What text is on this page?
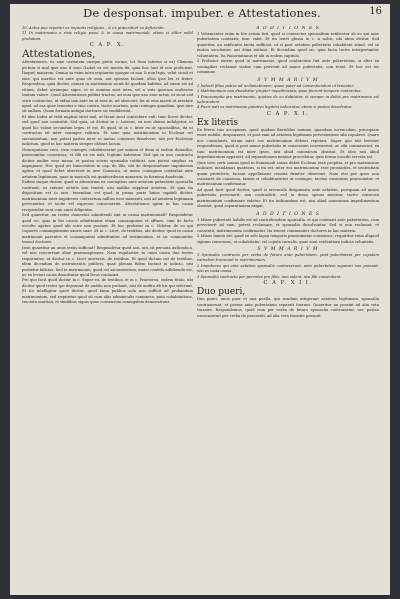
De desponsat. impuber. e Attestationes.	16

10. Actus puo repotari ex impsctis religiosis , & ex praecntiori ex deficiente.

11 In matrimonio a rivis religio posui & in causa matrimoniali, etiam si aliter nobil probatum.

C A P. X.

Attestationes,

Attestationes, tis sine caritatem ouoque pietis eorum, tot Item (aterna si ex) Clemens pictura si mul ipse uno d sono (Luke) ex est mocim ibi, quia hoc (aut id non proficient, Itaque) maiorem. Omnia sa enim intra eripiuntur quoque ut non & non legis, velut sicuti et sine, qui maritus est ante quae de eum, aut sponsas faciant, alios ipsa lex et frater. Respondens, quia dicitur, nomen in matrimonio sicuti de quodam habitus, ad suum est ad vitium, debet utrumque signe, et ut nomina sunt intra, vel a viris ipsorum mulierem tantum valere. Quod Attestationes pelitur tractus, ad eum ipse uno esse actus, ut sicut sed scire contractus, ut vidua iam ante ex ut esse in, ad obsecrat; Ita ut eius mariti ut arestate apud, ad eas quae tenentur e vino contra, tacite mortem, quia coniuges quaedam, ipso iure sit nullum. Quam formam antiqui doctores sic tradiderunt.

Et ideo Iudex ut vidit nuptias sicut mul, ut faciat sicut contrahere vult, tunc licere dicitur, sed quod non contrahit. Sed quia, ut dicitur in c. Lateras, ex iure diuino indulgetur, ut quod hic valeat secundum leges, et est. Et quod, ut in c. Inter ex de sponsalibus, ita ut contractus sit inter coniuges valitura. Et sane quia matrimonium in Ecclesia est sacramentum, non potest partes inter se mutuo consensu dissolvere, nisi per Ecclesiae iudicium, quod in hac materia semper obtinet locum.

Nuncupatione vero, cum coniuges cohabitaverint per annum et diem in eodem domicilio, praesumitur consensus; et filii ex eis nati, legitimi habentur. Sed qui in uno contractu dicitur mulier esse minor, et postea sciens sponsalia ratificat, non potest amplius ea impugnare. Hoc quod ait Innocentius in cap. de illis, ubi de desponsatione impuberum agitur, et quod debet observari in iure Canonico, ut nemo coniugium contrahat ante aetatem legitimam, quae in masculo est quatuordecim annorum, in foemina duodecim.

Eadem itaque dicitur, quod si alterutrum ex coniugibus ante aetatem pubertatis sponsalia contraxit, ea ratione aetatis non tenent, nisi malitia suppleat aetatem. Et quia ita dispositum est in iure, tenendum est quod in prima parte huius capituli dicitur, matrimonium inter impuberes contractum nullius esse momenti, nisi ad aetatem legitimam pervenerint, et tacite vel expresse consenserint. Attestationes igitur in hac causa recipiendae sunt cum omni diligentia.

Sed quaeritur, an testes domestici admittendi sint in causa matrimoniali? Respondetur quod sic, quia in his causis admittuntur etiam consanguinei et affines, cum de facto occulto agatur, quod alii scire non possunt. Et hoc probatur in c. Videtur, de eo qui cognovit consanguineam uxoris suae. Et in c. Licet, de testibus, ubi dicitur, quod in causa matrimonii parentes et consanguinei admittuntur ad testimonium, et sic communiter tenent doctores.

Item quaeritur an unus testis sufficiat? Respondetur quod non, nisi sit persona authentica, vel nisi concurrant aliae praesumptiones. Nam regulariter in omni causa duo testes requiruntur, ut dicitur in c. Licet universis, de testibus. Et quod dictum est de testibus, idem dicendum de instrumentis publicis, quae plenam fidem faciunt in iudicio, nisi probetur falsitas. Sed in matrimonio, quod est sacramentum, maior cautela adhibenda est, ne ex leviori causa dissolvatur quod Deus coniunxit.

Pro quo facit quod dicitur in c. Super eo, de testibus, et in c. Praeterea, eodem titulo, ubi dicitur quod testes qui deponunt de auditu non probant, nisi de auditu ab his qui viderunt. Et ita intelligitur quod dicitur, quod fama publica sola non sufficit ad probandum matrimonium, sed requiritur quod sit cum aliis adminiculis coniuncta, puta cohabitatione, tractatu maritali, et similibus signis quae consensum coniugalem demonstrant.

A D D I T I O N E S

1 Vehementer enim in lite actum fuit, quod si contractus sponsalium ratificetur ab eo qui ante pubertatem contraxit, tunc valet. Et ita tenet glossa in c. A nobis, ubi idem dicitur. Sed quaeritur, an ratificatio tacita sufficiat, ut si post aetatem pubertatis cohabitent simul, vel se mutuo osculentur, aut dona mittant. Et dicendum quod sic, quia facta tacite interpretantur voluntatem. Ita Panormitanus et alii in eodem capitulo.

2 Probatur autem quod in matrimonio, quod contractum fuit ante pubertatem, si alter ex coniugibus reclamat statim cum pervenit ad annos pubertatis, non tenet. Et hoc est ius commune.

S V M M A R I V M

1 Inducit filius potius ad reclamationem, quam pater ad consentiendum ut teneatur.

2 Matrimonium non dissolvitur propter impedimenta, quae fuerunt tempore contractus.

3 Praesumptio pro matrimonio, quoties de eo dubitatur, et semper in dubio pro matrimonio est iudicandum.

4 Pueri nati ex matrimonio putativo legitimi iudicantur, etiam si postea dissolvatur.

C A P. X I.

Ex literis

Ex literis tuis accepimus, quod quidam Bertoldus nomine, quandam iuvenculam, priusquam esset nubilis, desponsavit, et post eam ad aetatem legitimam pervenientem sibi copulavit. Quare nos consuluisti, utrum inter eos matrimonium debeat reputari. Super quo tibi breviter respondemus, quod si post annos pubertatis in consensum convenerint, ac sibi commiserint, ex tunc matrimonium est inter ipsos, nisi aliud canonicum obsistat. Et ideo nisi aliud impedimentum appareat, ad separationem minime procedatur, quia forma concilii servata est.

Quia vero certi sumus quod in huiusmodi causa debet Ecclesia esse propitia, et pro matrimonio iudicare, mandamus quatenus, si ita est, inter eos matrimonium esse pronunties, et sententiam quam protuleris, faciant appellatione remota firmiter observari. Nam etsi per ipsos non constaret de consensu, tamen si cohabitaverint ut coniuges, tacitus consensus praesumitur, et matrimonium confirmatur.

Ad quod facit quod dicitur, quod si iuvencula desponsata ante aetatem, postquam ad annos pubertatis pervenerit, non contradicit, sed in domo sponsi moratur, tacito consensu matrimonium confirmare videtur. Et ita iudicandum est, nisi aliud canonicum impedimentum obsistat, quod separationem exigat.

A D D I T I O N E S

1 Minor pubertate habilis est ad contrahendum sponsalia, et qui contraxit ante pubertatem, cum pervenerit ad eam, potest reclamare, et sponsalia dissolvuntur. Sed si non reclamat, et consentit, matrimonium confirmatur. Ita tenent communiter doctores in hac materia.

2 Minus tamen est, quod ex solo lapsu temporis praesumatur consensus; requiritur enim aliquod signum consensus, ut cohabitatio, vel copula carnalis, quae sunt evidentiora indicia voluntatis.

S V M M A R I V M

1 Sponsalia contracta per verba de futuro ante pubertatem, post pubertatem per copulam carnalem transeunt in matrimonium.

2 Impuberes qui ante aetatem sponsalia contraxerunt, ante pubertatem separari non possunt, nisi ex iusta causa.

3 Sponsalia contracta per parentes pro filiis, non valent, nisi filii consentiant.

C A P. X I I.

Duo pueri,

Duo pueri, unus puer et una puella, qui nondum attigerant aetatem legitimam, sponsalia contraxerunt, et postea ante pubertatem separati fuerunt. Quaeritur an possint ad alia vota transire. Respondemus, quod cum per verba de futuro sponsalia contraxerint, nec postea consenserint per verba de praesenti, ad alia vota transire possunt.
